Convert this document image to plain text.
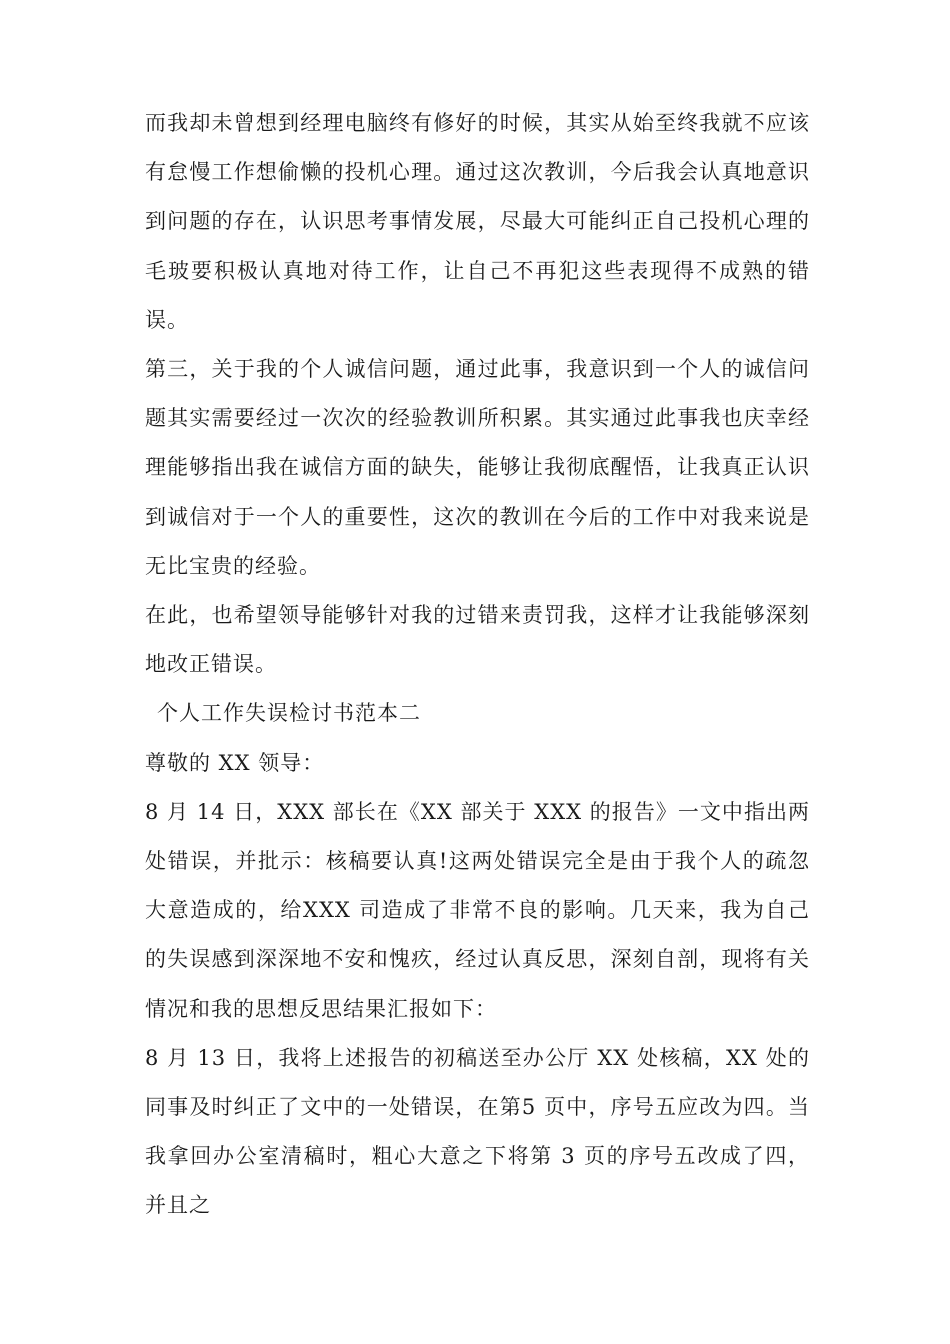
而我却未曾想到经理电脑终有修好的时候，其实从始至终我就不应该有怠慢工作想偷懒的投机心理。通过这次教训，今后我会认真地意识到问题的存在，认识思考事情发展，尽最大可能纠正自己投机心理的毛玻要积极认真地对待工作，让自己不再犯这些表现得不成熟的错误。

第三，关于我的个人诚信问题，通过此事，我意识到一个人的诚信问题其实需要经过一次次的经验教训所积累。其实通过此事我也庆幸经理能够指出我在诚信方面的缺失，能够让我彻底醒悟，让我真正认识到诚信对于一个人的重要性，这次的教训在今后的工作中对我来说是无比宝贵的经验。

在此，也希望领导能够针对我的过错来责罚我，这样才让我能够深刻地改正错误。

个人工作失误检讨书范本二

尊敬的 XX 领导：

8 月 14 日，XXX 部长在《XX 部关于 XXX 的报告》一文中指出两处错误，并批示：核稿要认真!这两处错误完全是由于我个人的疏忽大意造成的，给XXX 司造成了非常不良的影响。几天来，我为自己的失误感到深深地不安和愧疚，经过认真反思，深刻自剖，现将有关情况和我的思想反思结果汇报如下：

8 月 13 日，我将上述报告的初稿送至办公厅 XX 处核稿，XX 处的同事及时纠正了文中的一处错误，在第5 页中，序号五应改为四。当我拿回办公室清稿时，粗心大意之下将第 3 页的序号五改成了四，并且之
